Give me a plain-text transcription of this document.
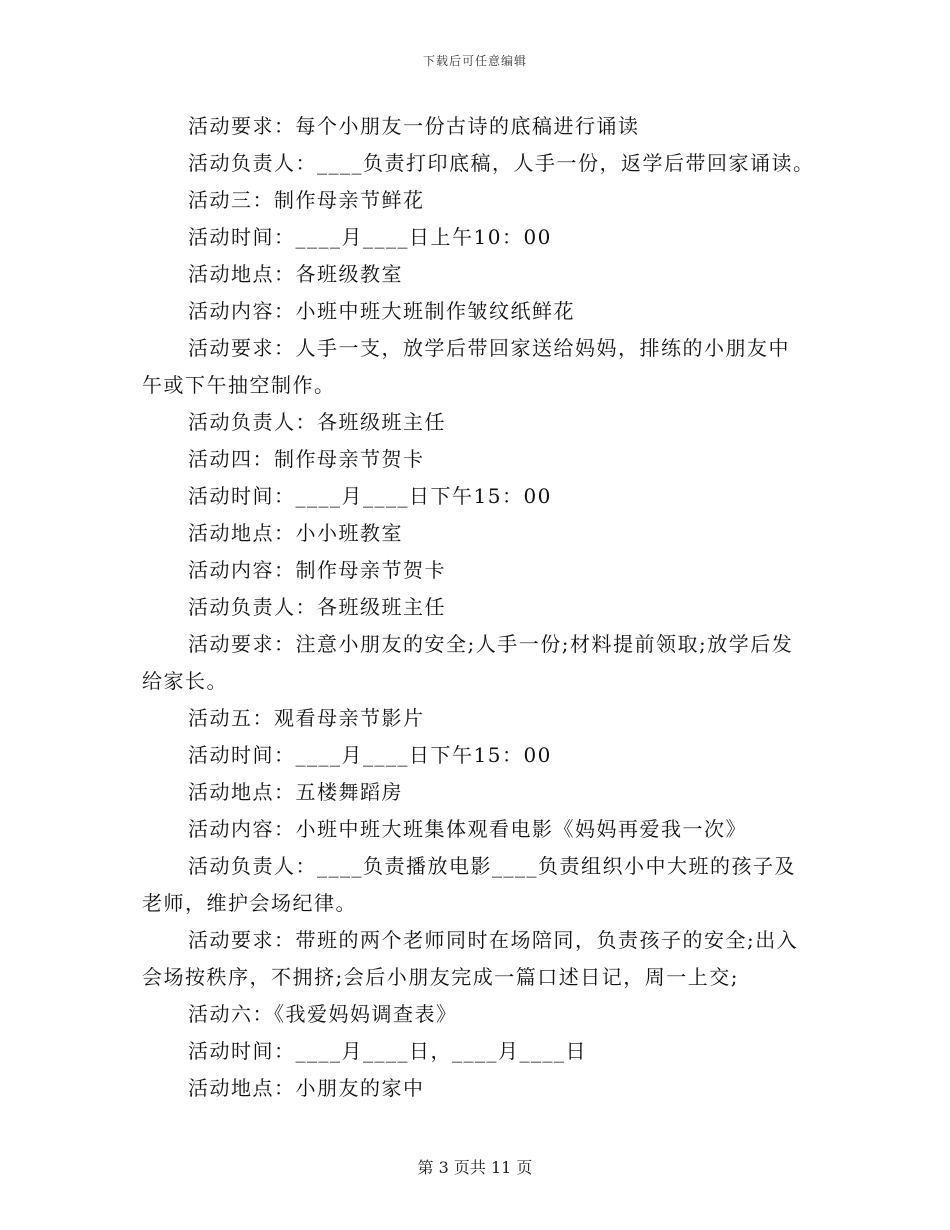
下载后可任意编辑
活动要求：每个小朋友一份古诗的底稿进行诵读
活动负责人：____负责打印底稿，人手一份，返学后带回家诵读。
活动三：制作母亲节鲜花
活动时间：____月____日上午10：00
活动地点：各班级教室
活动内容：小班中班大班制作皱纹纸鲜花
活动要求：人手一支，放学后带回家送给妈妈，排练的小朋友中
午或下午抽空制作。
活动负责人：各班级班主任
活动四：制作母亲节贺卡
活动时间：____月____日下午15：00
活动地点：小小班教室
活动内容：制作母亲节贺卡
活动负责人：各班级班主任
活动要求：注意小朋友的安全;人手一份;材料提前领取;放学后发
给家长。
活动五：观看母亲节影片
活动时间：____月____日下午15：00
活动地点：五楼舞蹈房
活动内容：小班中班大班集体观看电影《妈妈再爱我一次》
活动负责人：____负责播放电影____负责组织小中大班的孩子及
老师，维护会场纪律。
活动要求：带班的两个老师同时在场陪同，负责孩子的安全;出入
会场按秩序，不拥挤;会后小朋友完成一篇口述日记，周一上交;
活动六：《我爱妈妈调查表》
活动时间：____月____日，____月____日
活动地点：小朋友的家中
第 3 页共 11 页
